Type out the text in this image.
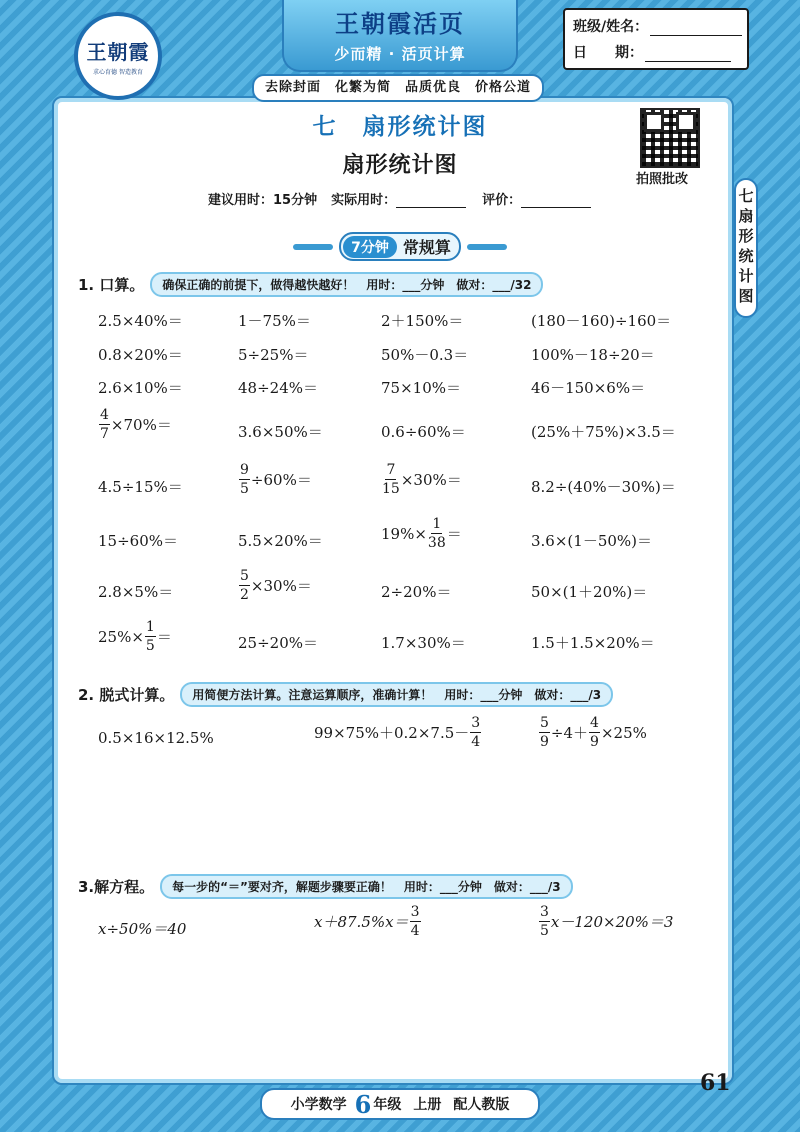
王朝霞
求心育德 智造教育
王朝霞活页
少而精 · 活页计算
班级/姓名：
日　　期：
去除封面　化繁为简　品质优良　价格公道
七　扇形统计图
扇形统计图
建议用时：15分钟 实际用时：	评价：
拍照批改
七
扇
形
统
计
图
7分钟 常规算
1. 口算。	确保正确的前提下，做得越快越好！　用时：___分钟　做对：___/32
2.5×40%＝	1－75%＝	2＋150%＝	(180－160)÷160＝
0.8×20%＝	5÷25%＝	50%－0.3＝	100%－18÷20＝
2.6×10%＝	48÷24%＝	75×10%＝	46－150×6%＝
$\frac{4}{7} \times 70\%=$	3.6×50%＝	0.6÷60%＝	(25%＋75%)×3.5＝
4.5÷15%＝	$\frac{9}{5} \div 60\%=$	$\frac{7}{15} \times 30\%=$	8.2÷(40%－30%)＝
15÷60%＝	5.5×20%＝	$19\%\times \frac{1}{38}$ ＝	3.6×(1－50%)＝
2.8×5%＝	$\frac{5}{2} \times 30\%=$	2÷20%＝	50×(1＋20%)＝
$25\%\times \frac{1}{5}$ ＝	25÷20%＝	1.7×30%＝	1.5＋1.5×20%＝
2. 脱式计算。	用简便方法计算。注意运算顺序，准确计算！　用时：___分钟　做对：___/3
0.5×16×12.5%	$99\times 75\%+0.2\times 7.5- \frac{3}{4}$	$\frac{5}{9} \div 4+ \frac{4}{9} \times 25\%$
3.解方程。	每一步的“＝”要对齐，解题步骤要正确！　用时：___分钟　做对：___/3
x÷50%＝40	$x+87.5\%x= \frac{3}{4}$	$\frac{3}{5} x-120\times 20\%=3$
61
小学数学 6 年级 上册 配人教版
